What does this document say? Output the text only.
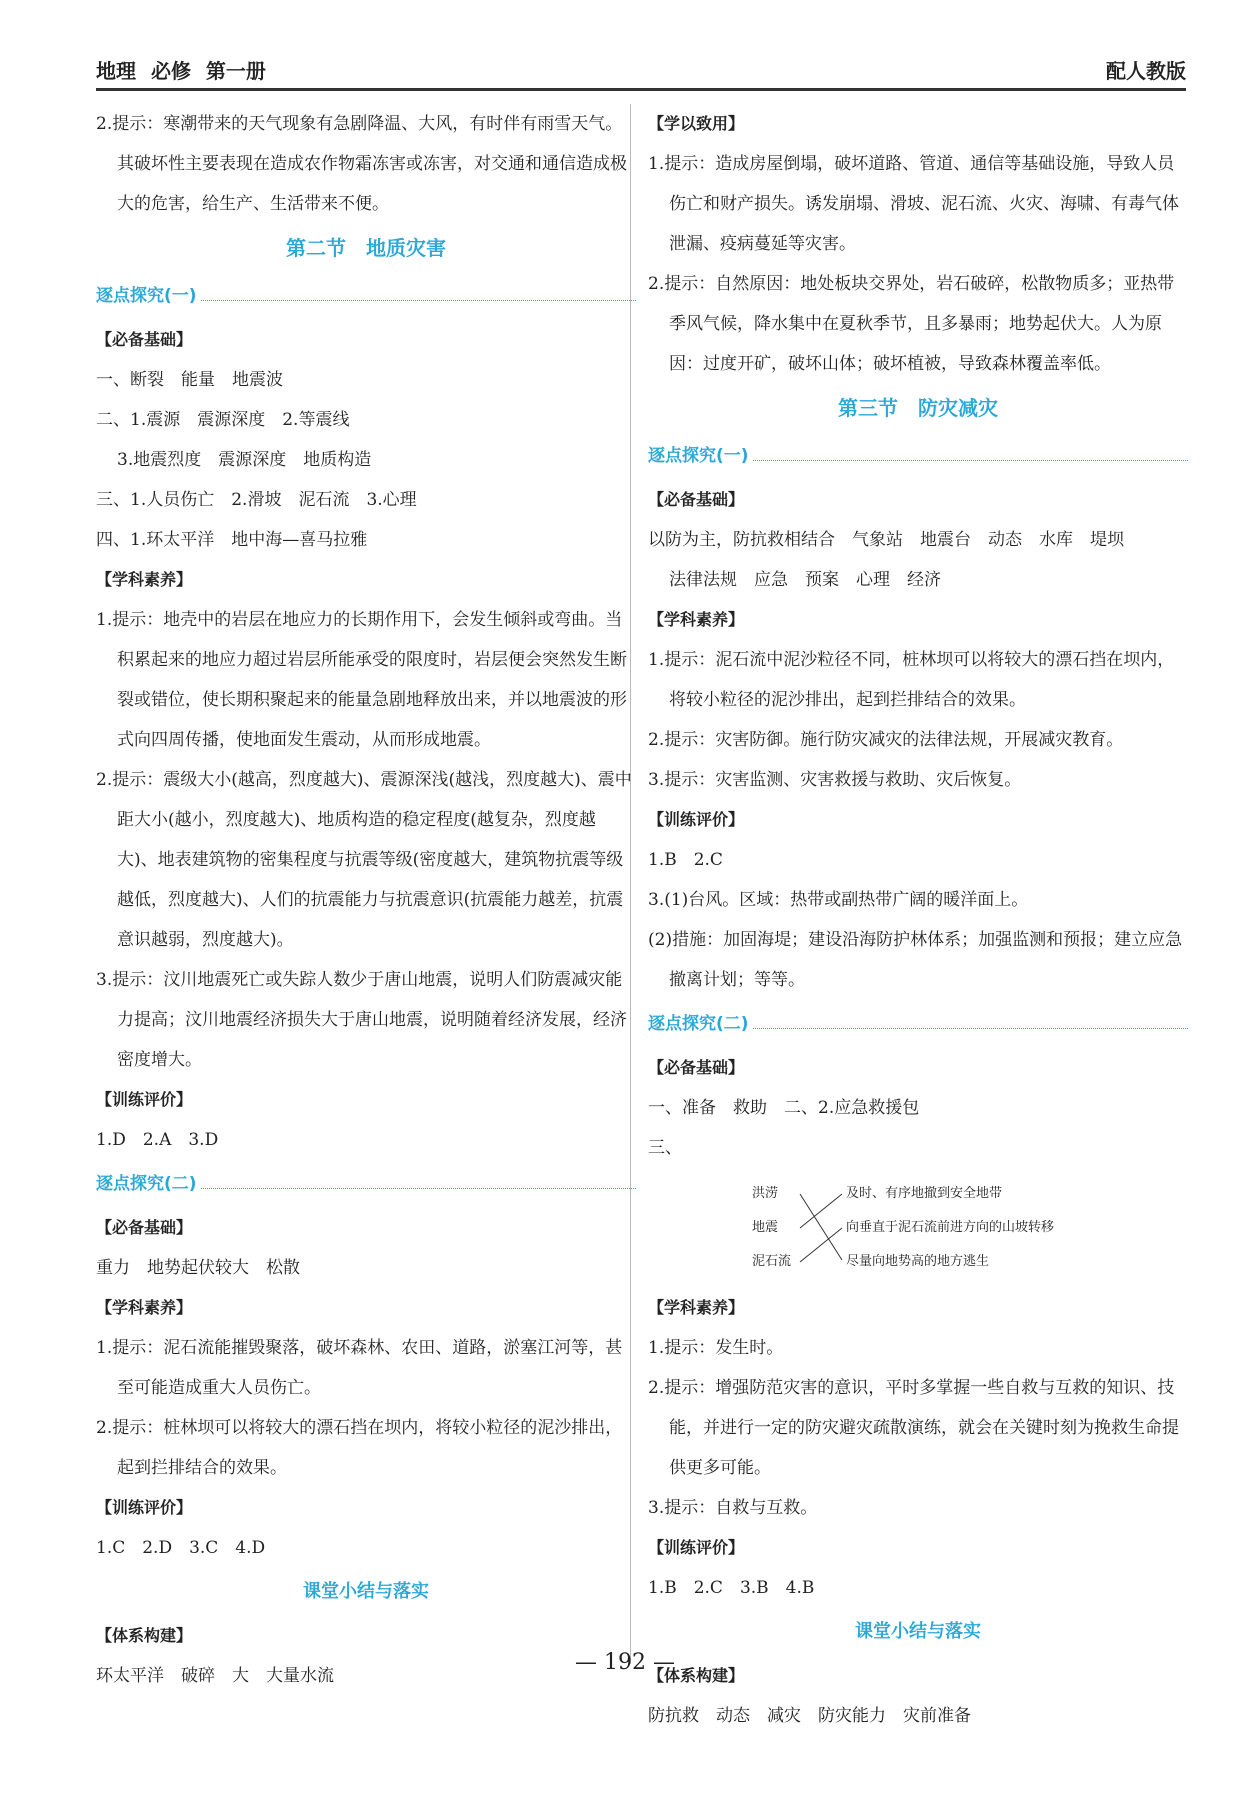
地理 必修 第一册	配人教版

2.提示：寒潮带来的天气现象有急剧降温、大风，有时伴有雨雪天气。其破坏性主要表现在造成农作物霜冻害或冻害，对交通和通信造成极大的危害，给生产、生活带来不便。

第二节　地质灾害

逐点探究(一)

【必备基础】

一、断裂　能量　地震波

二、1.震源　震源深度　2.等震线

3.地震烈度　震源深度　地质构造

三、1.人员伤亡　2.滑坡　泥石流　3.心理

四、1.环太平洋　地中海—喜马拉雅

【学科素养】

1.提示：地壳中的岩层在地应力的长期作用下，会发生倾斜或弯曲。当积累起来的地应力超过岩层所能承受的限度时，岩层便会突然发生断裂或错位，使长期积聚起来的能量急剧地释放出来，并以地震波的形式向四周传播，使地面发生震动，从而形成地震。

2.提示：震级大小(越高，烈度越大)、震源深浅(越浅，烈度越大)、震中距大小(越小，烈度越大)、地质构造的稳定程度(越复杂，烈度越大)、地表建筑物的密集程度与抗震等级(密度越大，建筑物抗震等级越低，烈度越大)、人们的抗震能力与抗震意识(抗震能力越差，抗震意识越弱，烈度越大)。

3.提示：汶川地震死亡或失踪人数少于唐山地震，说明人们防震减灾能力提高；汶川地震经济损失大于唐山地震，说明随着经济发展，经济密度增大。

【训练评价】

1.D　2.A　3.D

逐点探究(二)

【必备基础】

重力　地势起伏较大　松散

【学科素养】

1.提示：泥石流能摧毁聚落，破坏森林、农田、道路，淤塞江河等，甚至可能造成重大人员伤亡。

2.提示：桩林坝可以将较大的漂石挡在坝内，将较小粒径的泥沙排出，起到拦排结合的效果。

【训练评价】

1.C　2.D　3.C　4.D

课堂小结与落实

【体系构建】

环太平洋　破碎　大　大量水流

【学以致用】

1.提示：造成房屋倒塌，破坏道路、管道、通信等基础设施，导致人员伤亡和财产损失。诱发崩塌、滑坡、泥石流、火灾、海啸、有毒气体泄漏、疫病蔓延等灾害。

2.提示：自然原因：地处板块交界处，岩石破碎，松散物质多；亚热带季风气候，降水集中在夏秋季节，且多暴雨；地势起伏大。人为原因：过度开矿，破坏山体；破坏植被，导致森林覆盖率低。

第三节　防灾减灾

逐点探究(一)

【必备基础】

以防为主，防抗救相结合　气象站　地震台　动态　水库　堤坝

法律法规　应急　预案　心理　经济

【学科素养】

1.提示：泥石流中泥沙粒径不同，桩林坝可以将较大的漂石挡在坝内，将较小粒径的泥沙排出，起到拦排结合的效果。

2.提示：灾害防御。施行防灾减灾的法律法规，开展减灾教育。

3.提示：灾害监测、灾害救援与救助、灾后恢复。

【训练评价】

1.B　2.C

3.(1)台风。区域：热带或副热带广阔的暖洋面上。

(2)措施：加固海堤；建设沿海防护林体系；加强监测和预报；建立应急撤离计划；等等。

逐点探究(二)

【必备基础】

一、准备　救助　二、2.应急救援包

三、

洪涝
地震
泥石流
及时、有序地撤到安全地带
向垂直于泥石流前进方向的山坡转移
尽量向地势高的地方逃生

【学科素养】

1.提示：发生时。

2.提示：增强防范灾害的意识，平时多掌握一些自救与互救的知识、技能，并进行一定的防灾避灾疏散演练，就会在关键时刻为挽救生命提供更多可能。

3.提示：自救与互救。

【训练评价】

1.B　2.C　3.B　4.B

课堂小结与落实

【体系构建】

防抗救　动态　减灾　防灾能力　灾前准备

— 192 —
